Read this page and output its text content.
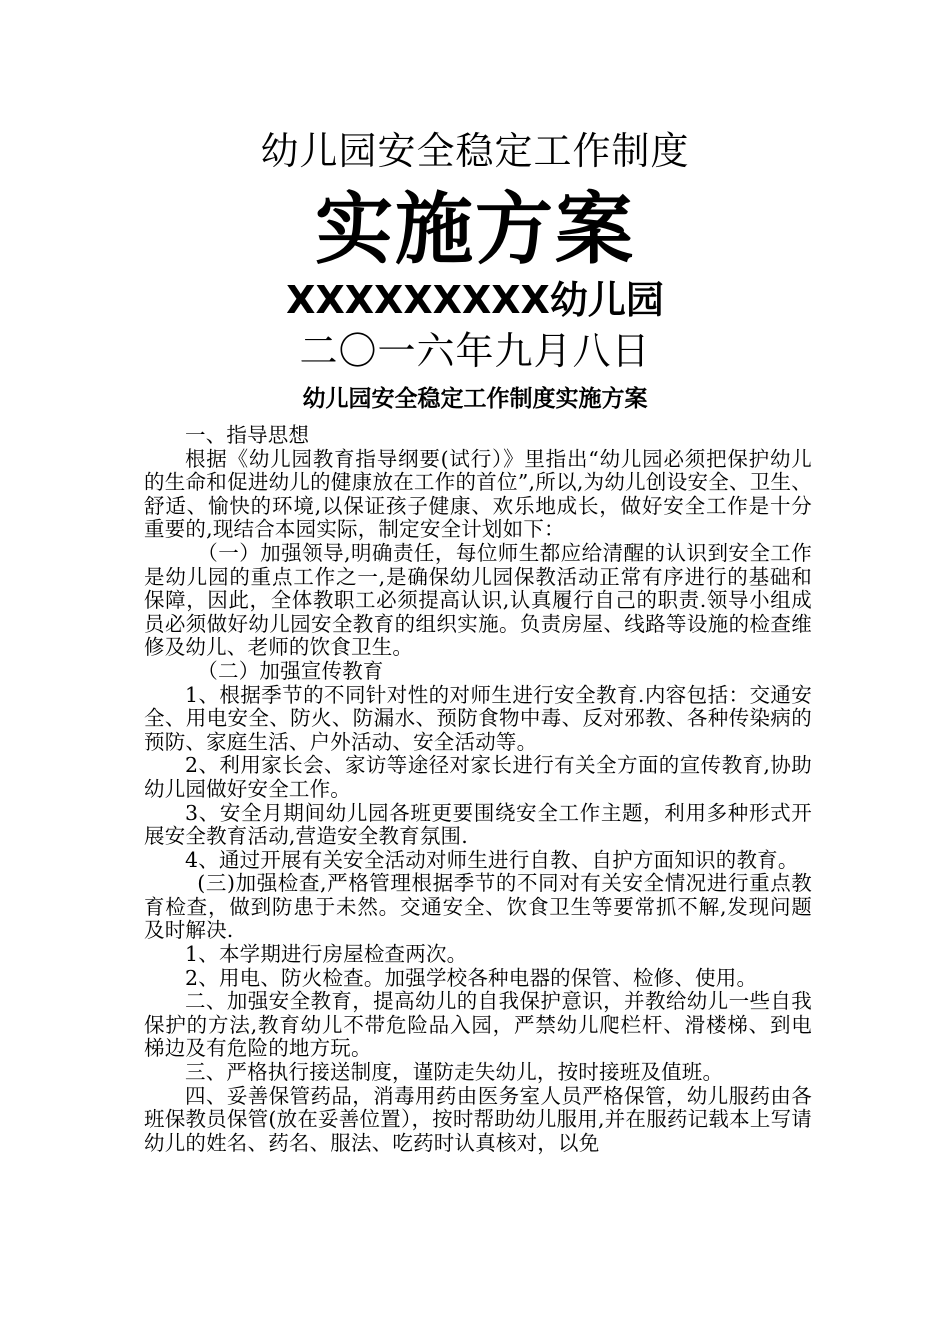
幼儿园安全稳定工作制度
实施方案
XXXXXXXXX幼儿园
二〇一六年九月八日
幼儿园安全稳定工作制度实施方案

一、指导思想

根据《幼儿园教育指导纲要(试行）》里指出“幼儿园必须把保护幼儿的生命和促进幼儿的健康放在工作的首位”,所以,为幼儿创设安全、卫生、舒适、愉快的环境,以保证孩子健康、欢乐地成长，做好安全工作是十分重要的,现结合本园实际，制定安全计划如下：

（一）加强领导,明确责任，每位师生都应给清醒的认识到安全工作是幼儿园的重点工作之一,是确保幼儿园保教活动正常有序进行的基础和保障，因此，全体教职工必须提高认识,认真履行自己的职责.领导小组成员必须做好幼儿园安全教育的组织实施。负责房屋、线路等设施的检查维修及幼儿、老师的饮食卫生。

（二）加强宣传教育

1、根据季节的不同针对性的对师生进行安全教育.内容包括：交通安全、用电安全、防火、防漏水、预防食物中毒、反对邪教、各种传染病的预防、家庭生活、户外活动、安全活动等。

2、利用家长会、家访等途径对家长进行有关全方面的宣传教育,协助幼儿园做好安全工作。

3、安全月期间幼儿园各班更要围绕安全工作主题，利用多种形式开展安全教育活动,营造安全教育氛围.

4、通过开展有关安全活动对师生进行自教、自护方面知识的教育。

(三)加强检查,严格管理根据季节的不同对有关安全情况进行重点教育检查，做到防患于未然。交通安全、饮食卫生等要常抓不解,发现问题及时解决.

1、本学期进行房屋检查两次。

2、用电、防火检查。加强学校各种电器的保管、检修、使用。

二、加强安全教育，提高幼儿的自我保护意识，并教给幼儿一些自我保护的方法,教育幼儿不带危险品入园，严禁幼儿爬栏杆、滑楼梯、到电梯边及有危险的地方玩。

三、严格执行接送制度，谨防走失幼儿，按时接班及值班。

四、妥善保管药品，消毒用药由医务室人员严格保管，幼儿服药由各班保教员保管(放在妥善位置），按时帮助幼儿服用,并在服药记载本上写请幼儿的姓名、药名、服法、吃药时认真核对，以免
